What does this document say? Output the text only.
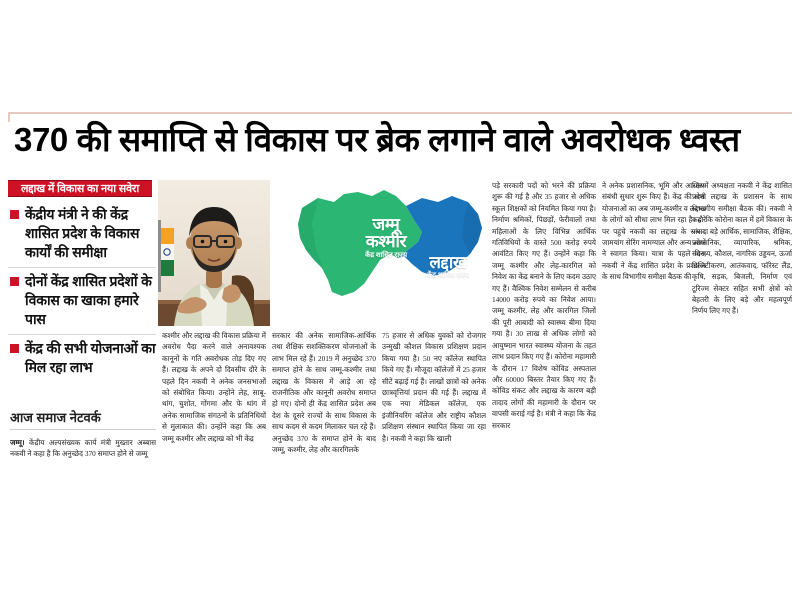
370 की समाप्ति से विकास पर ब्रेक लगाने वाले अवरोधक ध्वस्त
लद्दाख में विकास का नया सवेरा
केंद्रीय मंत्री ने की केंद्र शासित प्रदेश के विकास कार्यों की समीक्षा
दोनों केंद्र शासित प्रदेशों के विकास का खाका हमारे पास
केंद्र की सभी योजनाओं का मिल रहा लाभ
आज समाज नेटवर्क
जम्मू
कश्मीर
केंद्र शासित राज्य	लद्दाख
केंद्र शासित राज्य

जम्मू। केंद्रीय अल्पसंख्यक कार्य मंत्री मुख्तार अब्बास नकवी ने कहा है कि अनुच्छेद 370 समाप्त होने से जम्मू

कश्मीर और लद्दाख की विकास प्रक्रिया में अवरोध पैदा करने वाले अनावश्यक कानूनों के गति अवरोधक तोड़ दिए गए हैं। लद्दाख के अपने दो दिवसीय दौरे के पहले दिन नकवी ने अनेक जनसभाओं को संबोधित किया। उन्होंने लेह, साबू-थांग, चुशोत, गोंगमा और फे थांग में अनेक सामाजिक संगठनों के प्रतिनिधियों से मुलाकात की। उन्होंने कहा कि अब जम्मू कश्मीर और लद्दाख को भी केंद्र

सरकार की अनेक सामाजिक-आर्थिक तथा शैक्षिक सशक्तिकरण योजनाओं के लाभ मिल रहे हैं। 2019 में अनुच्छेद 370 समाप्त होने के साथ जम्मू-कश्मीर तथा लद्दाख के विकास में आड़े आ रहे राजनीतिक और कानूनी अवरोध समाप्त हो गए। दोनों ही केंद्र शासित प्रदेश अब देश के दूसरे राज्यों के साथ विकास के साथ कदम से कदम मिलाकर चल रहे हैं। अनुच्छेद 370 के समाप्त होने के बाद जम्मू, कश्मीर, लेह और कारगिलके

75 हजार से अधिक युवकों को रोजगार उन्मुखी कौशल विकास प्रशिक्षण प्रदान किया गया है। 50 नए कॉलेज स्थापित किये गए हैं। मौजूदा कॉलेजों में 25 हजार सीटें बढ़ाई गई हैं। लाखों छात्रों को अनेक छात्रवृत्तियां प्रदान की गई हैं। लद्दाख में एक नया मेडिकल कॉलेज, एक इंजीनियरिंग कॉलेज और राष्ट्रीय कौशल प्रशिक्षण संस्थान स्थापित किया जा रहा है। नकवी ने कहा कि खाली

पड़े सरकारी पदों को भरने की प्रक्रिया शुरू की गई है और 35 हजार से अधिक स्कूल शिक्षकों को नियमित किया गया है। निर्माण श्रमिकों, पिछड़ों, फेरीवालों तथा महिलाओं के लिए विभिन्न आर्थिक गतिविधियों के वास्ते 500 करोड़ रुपये आवंटित किए गए हैं। उन्होंने कहा कि जम्मू कश्मीर और लेह-कारगिल को निवेश का केंद्र बनाने के लिए कदम उठाए गए हैं। वैश्विक निवेश सम्मेलन से करीब 14000 करोड़ रुपये का निवेश आया। जम्मू कश्मीर, लेह और कारगिल जिलों की पूरी आबादी को स्वास्थ्य बीमा दिया गया है। 30 लाख से अधिक लोगों को आयुष्मान भारत स्वास्थ्य योजना के तहत लाभ प्रदान किए गए हैं। कोरोना महामारी के दौरान 17 विशेष कोविड अस्पताल और 60000 बिस्तर तैयार किए गए हैं। कोविड संकट और लद्दाख के कारण बड़ी तादाद लोगों की महामारी के दौरान पर वापसी कराई गई है। मंत्री ने कहा कि केंद्र सरकार

ने अनेक प्रशासनिक, भूमि और आरक्षण संबंधी सुधार शुरू किए हैं। केंद्र की सभी योजनाओं का अब जम्मू-कश्मीर व लद्दाख के लोगों को सीधा लाभ मिल रहा है। दौरे पर पहुंचे नकवी का लद्दाख के सांसद जामयांग सेरिंग नामग्याल और अन्य लोगों ने स्वागत किया। यात्रा के पहले दिन, नकवी ने केंद्र शासित प्रदेश के प्रशासन के साथ विभागीय समीक्षा बैठक की

जिसमें अध्यक्षता नकवी ने केंद्र शासित प्रदेश लद्दाख के प्रशासन के साथ विभागीय समीक्षा बैठक की। नकवी ने कहा कि कोरोना काल में हमें विकास के ज्यादा बड़े आर्थिक, सामाजिक, शैक्षिक, प्रशासनिक, व्यापारिक, श्रमिक, स्वास्थ्य, कौशल, नागरिक उड्डयन, ऊर्जा डिजिटीकरण, आतंकवाद, फॉरेस्ट लैंड, कृषि, सड़क, बिजली, निर्माण एवं टूरिज्म सेक्टर सहित सभी क्षेत्रों को बेहतरी के लिए बड़े और महत्वपूर्ण निर्णय लिए गए हैं।
